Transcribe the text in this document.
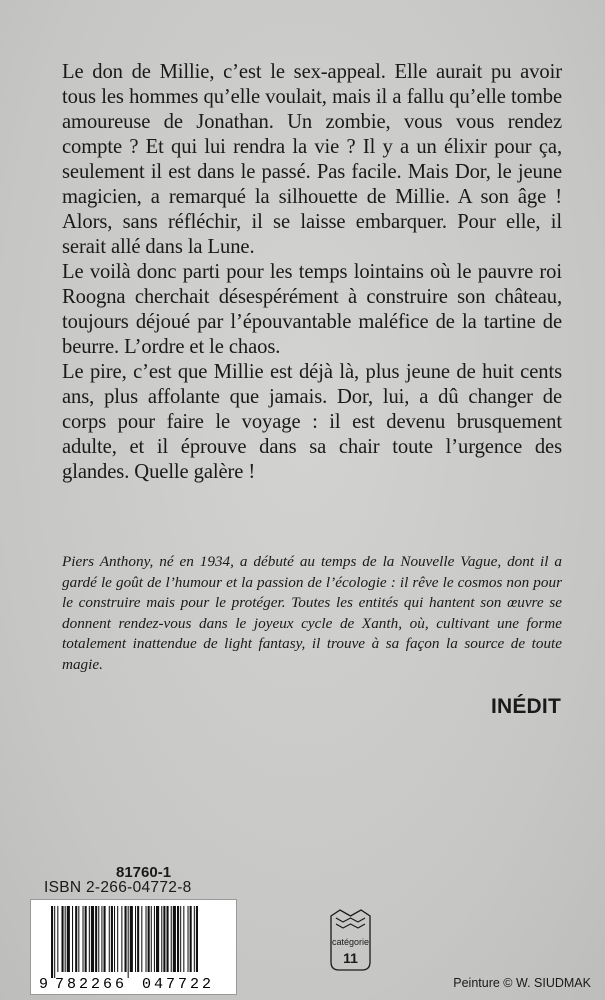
Le don de Millie, c’est le sex-appeal. Elle aurait pu avoir tous les hommes qu’elle voulait, mais il a fallu qu’elle tombe amoureuse de Jonathan. Un zombie, vous vous rendez compte ? Et qui lui rendra la vie ? Il y a un élixir pour ça, seulement il est dans le passé. Pas facile. Mais Dor, le jeune magicien, a remarqué la silhouette de Millie. A son âge ! Alors, sans réfléchir, il se laisse embarquer. Pour elle, il serait allé dans la Lune.

Le voilà donc parti pour les temps lointains où le pauvre roi Roogna cherchait désespérément à construire son château, toujours déjoué par l’épouvantable maléfice de la tartine de beurre. L’ordre et le chaos.

Le pire, c’est que Millie est déjà là, plus jeune de huit cents ans, plus affolante que jamais. Dor, lui, a dû changer de corps pour faire le voyage : il est devenu brusquement adulte, et il éprouve dans sa chair toute l’urgence des glandes. Quelle galère !

Piers Anthony, né en 1934, a débuté au temps de la Nouvelle Vague, dont il a gardé le goût de l’humour et la passion de l’écologie : il rêve le cosmos non pour le construire mais pour le protéger. Toutes les entités qui hantent son œuvre se donnent rendez-vous dans le joyeux cycle de Xanth, où, cultivant une forme totalement inattendue de light fantasy, il trouve à sa façon la source de toute magie.
INÉDIT
81760-1
ISBN 2-266-04772-8
9 782266 047722
catégorie
11
Peinture © W. SIUDMAK
